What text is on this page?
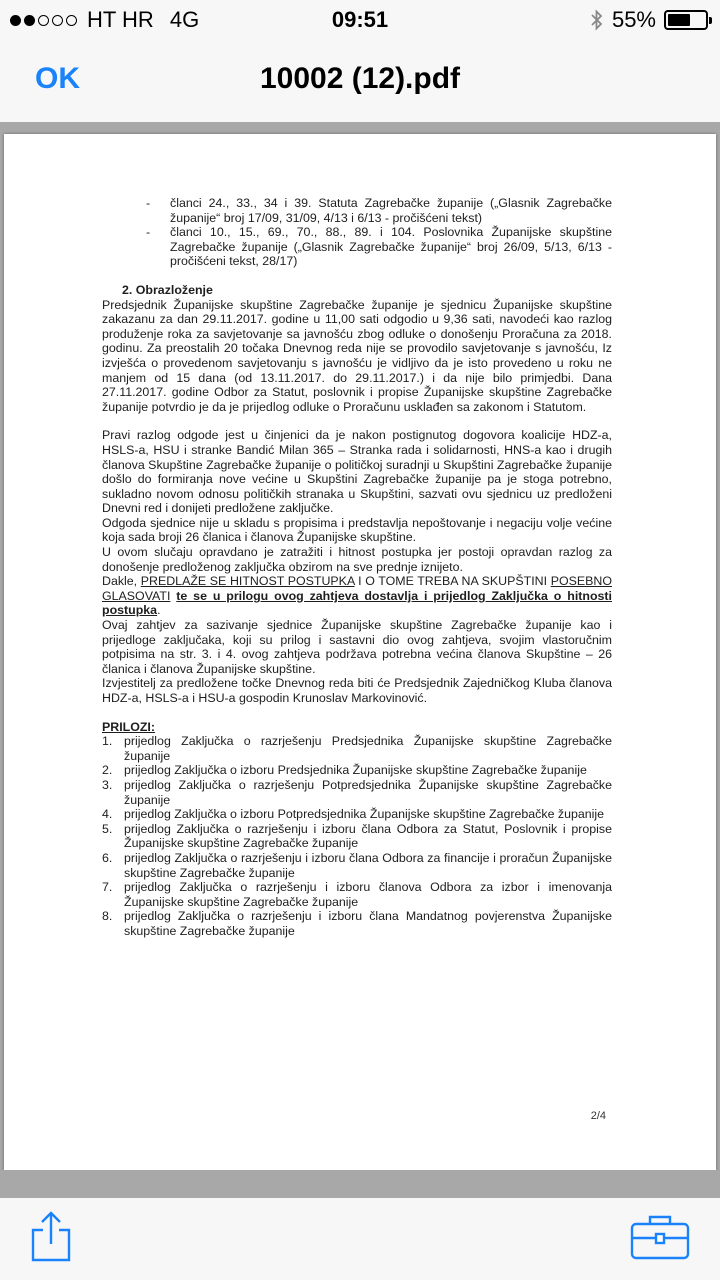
HT HR 4G	09:51	55%
OK	10002 (12).pdf
- članci 24., 33., 34 i 39. Statuta Zagrebačke županije („Glasnik Zagrebačke županije“ broj 17/09, 31/09, 4/13 i 6/13 - pročišćeni tekst)
- članci 10., 15., 69., 70., 88., 89. i 104. Poslovnika Županijske skupštine Zagrebačke županije („Glasnik Zagrebačke županije“ broj 26/09, 5/13, 6/13 - pročišćeni tekst, 28/17)

2. Obrazloženje

Predsjednik Županijske skupštine Zagrebačke županije je sjednicu Županijske skupštine zakazanu za dan 29.11.2017. godine u 11,00 sati odgodio u 9,36 sati, navodeći kao razlog produženje roka za savjetovanje sa javnošću zbog odluke o donošenju Proračuna za 2018. godinu. Za preostalih 20 točaka Dnevnog reda nije se provodilo savjetovanje s javnošću, Iz izvješća o provedenom savjetovanju s javnošću je vidljivo da je isto provedeno u roku ne manjem od 15 dana (od 13.11.2017. do 29.11.2017.) i da nije bilo primjedbi. Dana 27.11.2017. godine Odbor za Statut, poslovnik i propise Županijske skupštine Zagrebačke županije potvrdio je da je prijedlog odluke o Proračunu usklađen sa zakonom i Statutom.

Pravi razlog odgode jest u činjenici da je nakon postignutog dogovora koalicije HDZ-a, HSLS-a, HSU i stranke Bandić Milan 365 – Stranka rada i solidarnosti, HNS-a kao i drugih članova Skupštine Zagrebačke županije o političkoj suradnji u Skupštini Zagrebačke županije došlo do formiranja nove većine u Skupštini Zagrebačke županije pa je stoga potrebno, sukladno novom odnosu političkih stranaka u Skupštini, sazvati ovu sjednicu uz predloženi Dnevni red i donijeti predložene zaključke.

Odgoda sjednice nije u skladu s propisima i predstavlja nepoštovanje i negaciju volje većine koja sada broji 26 članica i članova Županijske skupštine.

U ovom slučaju opravdano je zatražiti i hitnost postupka jer postoji opravdan razlog za donošenje predloženog zaključka obzirom na sve prednje iznijeto.

Dakle, PREDLAŽE SE HITNOST POSTUPKA I O TOME TREBA NA SKUPŠTINI POSEBNO GLASOVATI te se u prilogu ovog zahtjeva dostavlja i prijedlog Zaključka o hitnosti postupka.

Ovaj zahtjev za sazivanje sjednice Županijske skupštine Zagrebačke županije kao i prijedloge zaključaka, koji su prilog i sastavni dio ovog zahtjeva, svojim vlastoručnim potpisima na str. 3. i 4. ovog zahtjeva podržava potrebna većina članova Skupštine – 26 članica i članova Županijske skupštine.

Izvjestitelj za predložene točke Dnevnog reda biti će Predsjednik Zajedničkog Kluba članova HDZ-a, HSLS-a i HSU-a gospodin Krunoslav Markovinović.

PRILOZI:

1. prijedlog Zaključka o razrješenju Predsjednika Županijske skupštine Zagrebačke županije
2. prijedlog Zaključka o izboru Predsjednika Županijske skupštine Zagrebačke županije
3. prijedlog Zaključka o razrješenju Potpredsjednika Županijske skupštine Zagrebačke županije
4. prijedlog Zaključka o izboru Potpredsjednika Županijske skupštine Zagrebačke županije
5. prijedlog Zaključka o razrješenju i izboru člana Odbora za Statut, Poslovnik i propise Županijske skupštine Zagrebačke županije
6. prijedlog Zaključka o razrješenju i izboru člana Odbora za financije i proračun Županijske skupštine Zagrebačke županije
7. prijedlog Zaključka o razrješenju i izboru članova Odbora za izbor i imenovanja Županijske skupštine Zagrebačke županije
8. prijedlog Zaključka o razrješenju i izboru člana Mandatnog povjerenstva Županijske skupštine Zagrebačke županije
2/4
